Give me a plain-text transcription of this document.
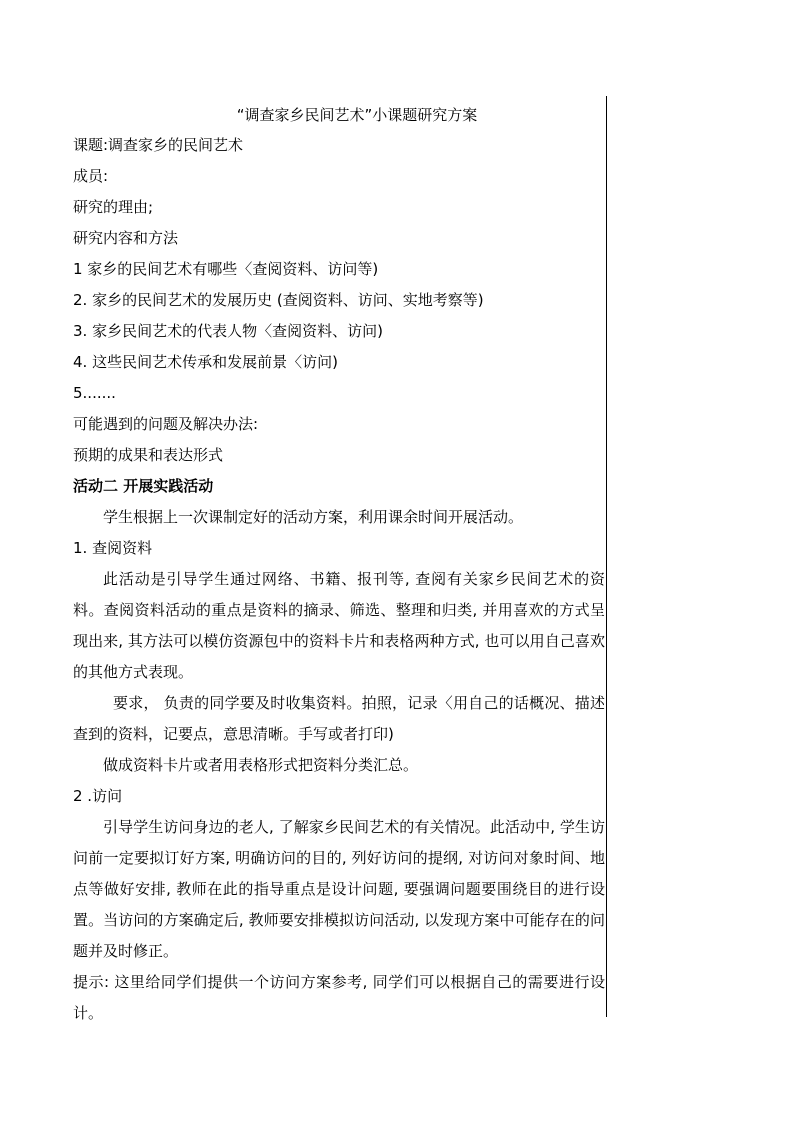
“调查家乡民间艺术”小课题研究方案
课题:调查家乡的民间艺术
成员:
研究的理由;
研究内容和方法
1 家乡的民间艺术有哪些〈查阅资料、访问等)
2. 家乡的民间艺术的发展历史 (查阅资料、访问、实地考察等)
3. 家乡民间艺术的代表人物〈查阅资料、访问)
4. 这些民间艺术传承和发展前景〈访问)
5.......
可能遇到的问题及解决办法:
预期的成果和表达形式
活动二 开展实践活动

学生根据上一次课制定好的活动方案，利用课余时间开展活动。

1. 查阅资料

此活动是引导学生通过网络、书籍、报刊等, 查阅有关家乡民间艺术的资料。查阅资料活动的重点是资料的摘录、筛选、整理和归类, 并用喜欢的方式呈现出来, 其方法可以模仿资源包中的资料卡片和表格两种方式, 也可以用自己喜欢的其他方式表现。

要求， 负责的同学要及时收集资料。拍照，记录〈用自己的话概况、描述查到的资料，记要点，意思清晰。手写或者打印)

做成资料卡片或者用表格形式把资料分类汇总。

2 .访问

引导学生访问身边的老人, 了解家乡民间艺术的有关情况。此活动中, 学生访问前一定要拟订好方案, 明确访问的目的, 列好访问的提纲, 对访问对象时间、地点等做好安排, 教师在此的指导重点是设计问题, 要强调问题要围绕目的进行设置。当访问的方案确定后, 教师要安排模拟访问活动, 以发现方案中可能存在的问题并及时修正。

提示: 这里给同学们提供一个访问方案参考, 同学们可以根据自己的需要进行设计。
